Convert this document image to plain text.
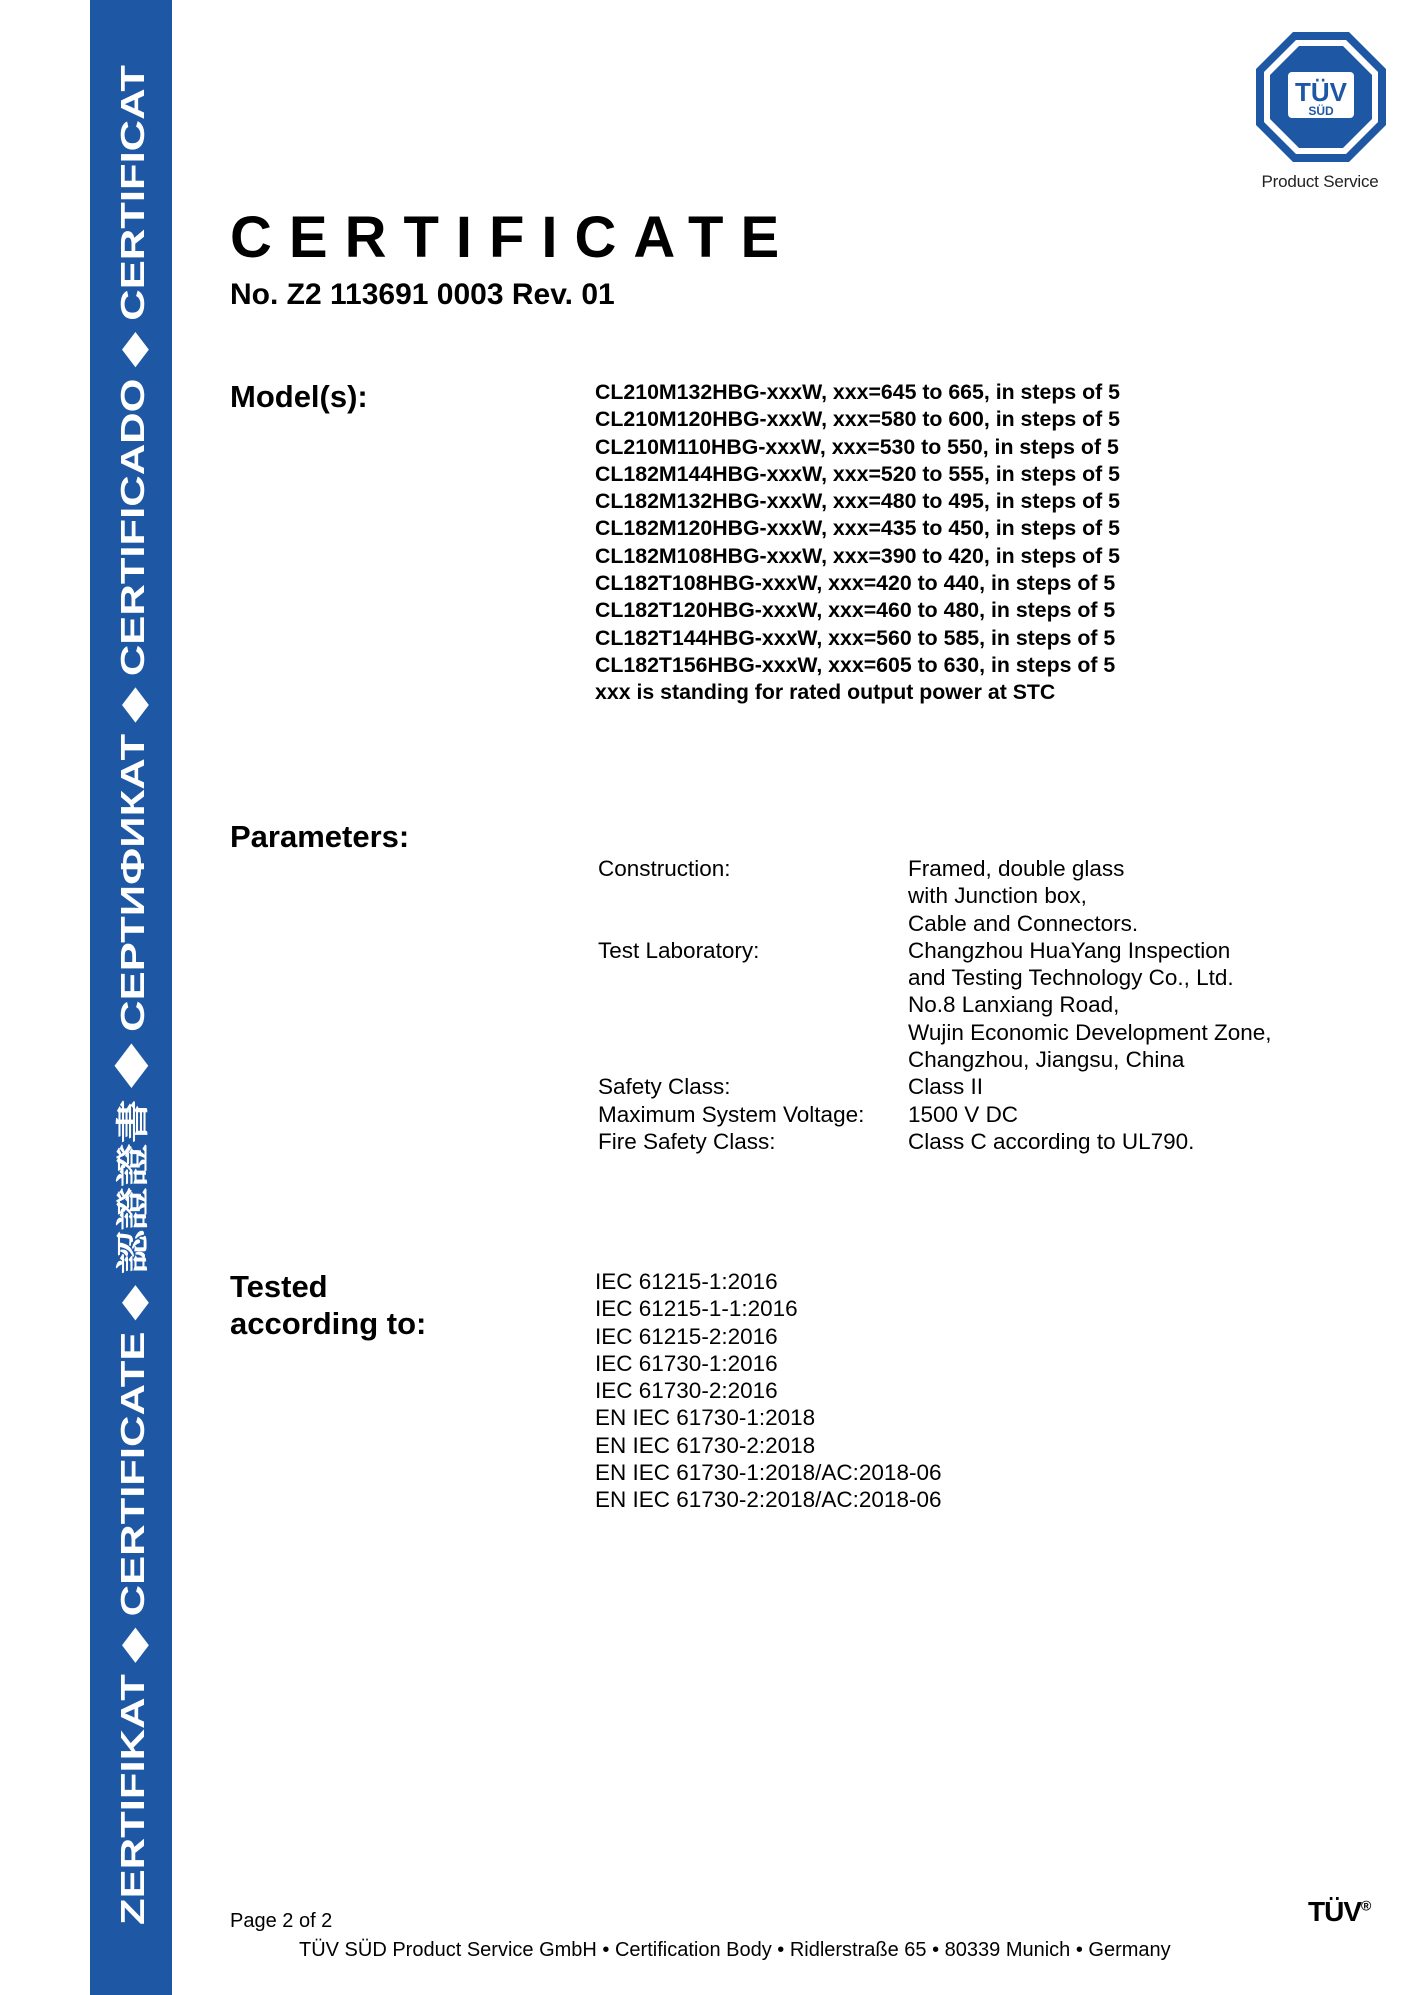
ZERTIFIKAT ◆ CERTIFICATE ◆ 認證證書 ◆ СЕРТИФИКАТ ◆ CERTIFICADO ◆ CERTIFICAT
TÜV
SÜD
Product Service
CERTIFICATE
No. Z2 113691 0003 Rev. 01
Model(s):	CL210M132HBG-xxxW, xxx=645 to 665, in steps of 5
CL210M120HBG-xxxW, xxx=580 to 600, in steps of 5
CL210M110HBG-xxxW, xxx=530 to 550, in steps of 5
CL182M144HBG-xxxW, xxx=520 to 555, in steps of 5
CL182M132HBG-xxxW, xxx=480 to 495, in steps of 5
CL182M120HBG-xxxW, xxx=435 to 450, in steps of 5
CL182M108HBG-xxxW, xxx=390 to 420, in steps of 5
CL182T108HBG-xxxW, xxx=420 to 440, in steps of 5
CL182T120HBG-xxxW, xxx=460 to 480, in steps of 5
CL182T144HBG-xxxW, xxx=560 to 585, in steps of 5
CL182T156HBG-xxxW, xxx=605 to 630, in steps of 5
xxx is standing for rated output power at STC
Parameters:
Construction:	Framed, double glass
with Junction box,
Cable and Connectors.

Test Laboratory:	Changzhou HuaYang Inspection
and Testing Technology Co., Ltd.
No.8 Lanxiang Road,
Wujin Economic Development Zone,
Changzhou, Jiangsu, China

Safety Class:	Class II

Maximum System Voltage:	1500 V DC

Fire Safety Class:	Class C according to UL790.
Tested
according to:
IEC 61215-1:2016
IEC 61215-1-1:2016
IEC 61215-2:2016
IEC 61730-1:2016
IEC 61730-2:2016
EN IEC 61730-1:2018
EN IEC 61730-2:2018
EN IEC 61730-1:2018/AC:2018-06
EN IEC 61730-2:2018/AC:2018-06
Page 2 of 2
TÜV SÜD Product Service GmbH • Certification Body • Ridlerstraße 65 • 80339 Munich • Germany
TÜV®
